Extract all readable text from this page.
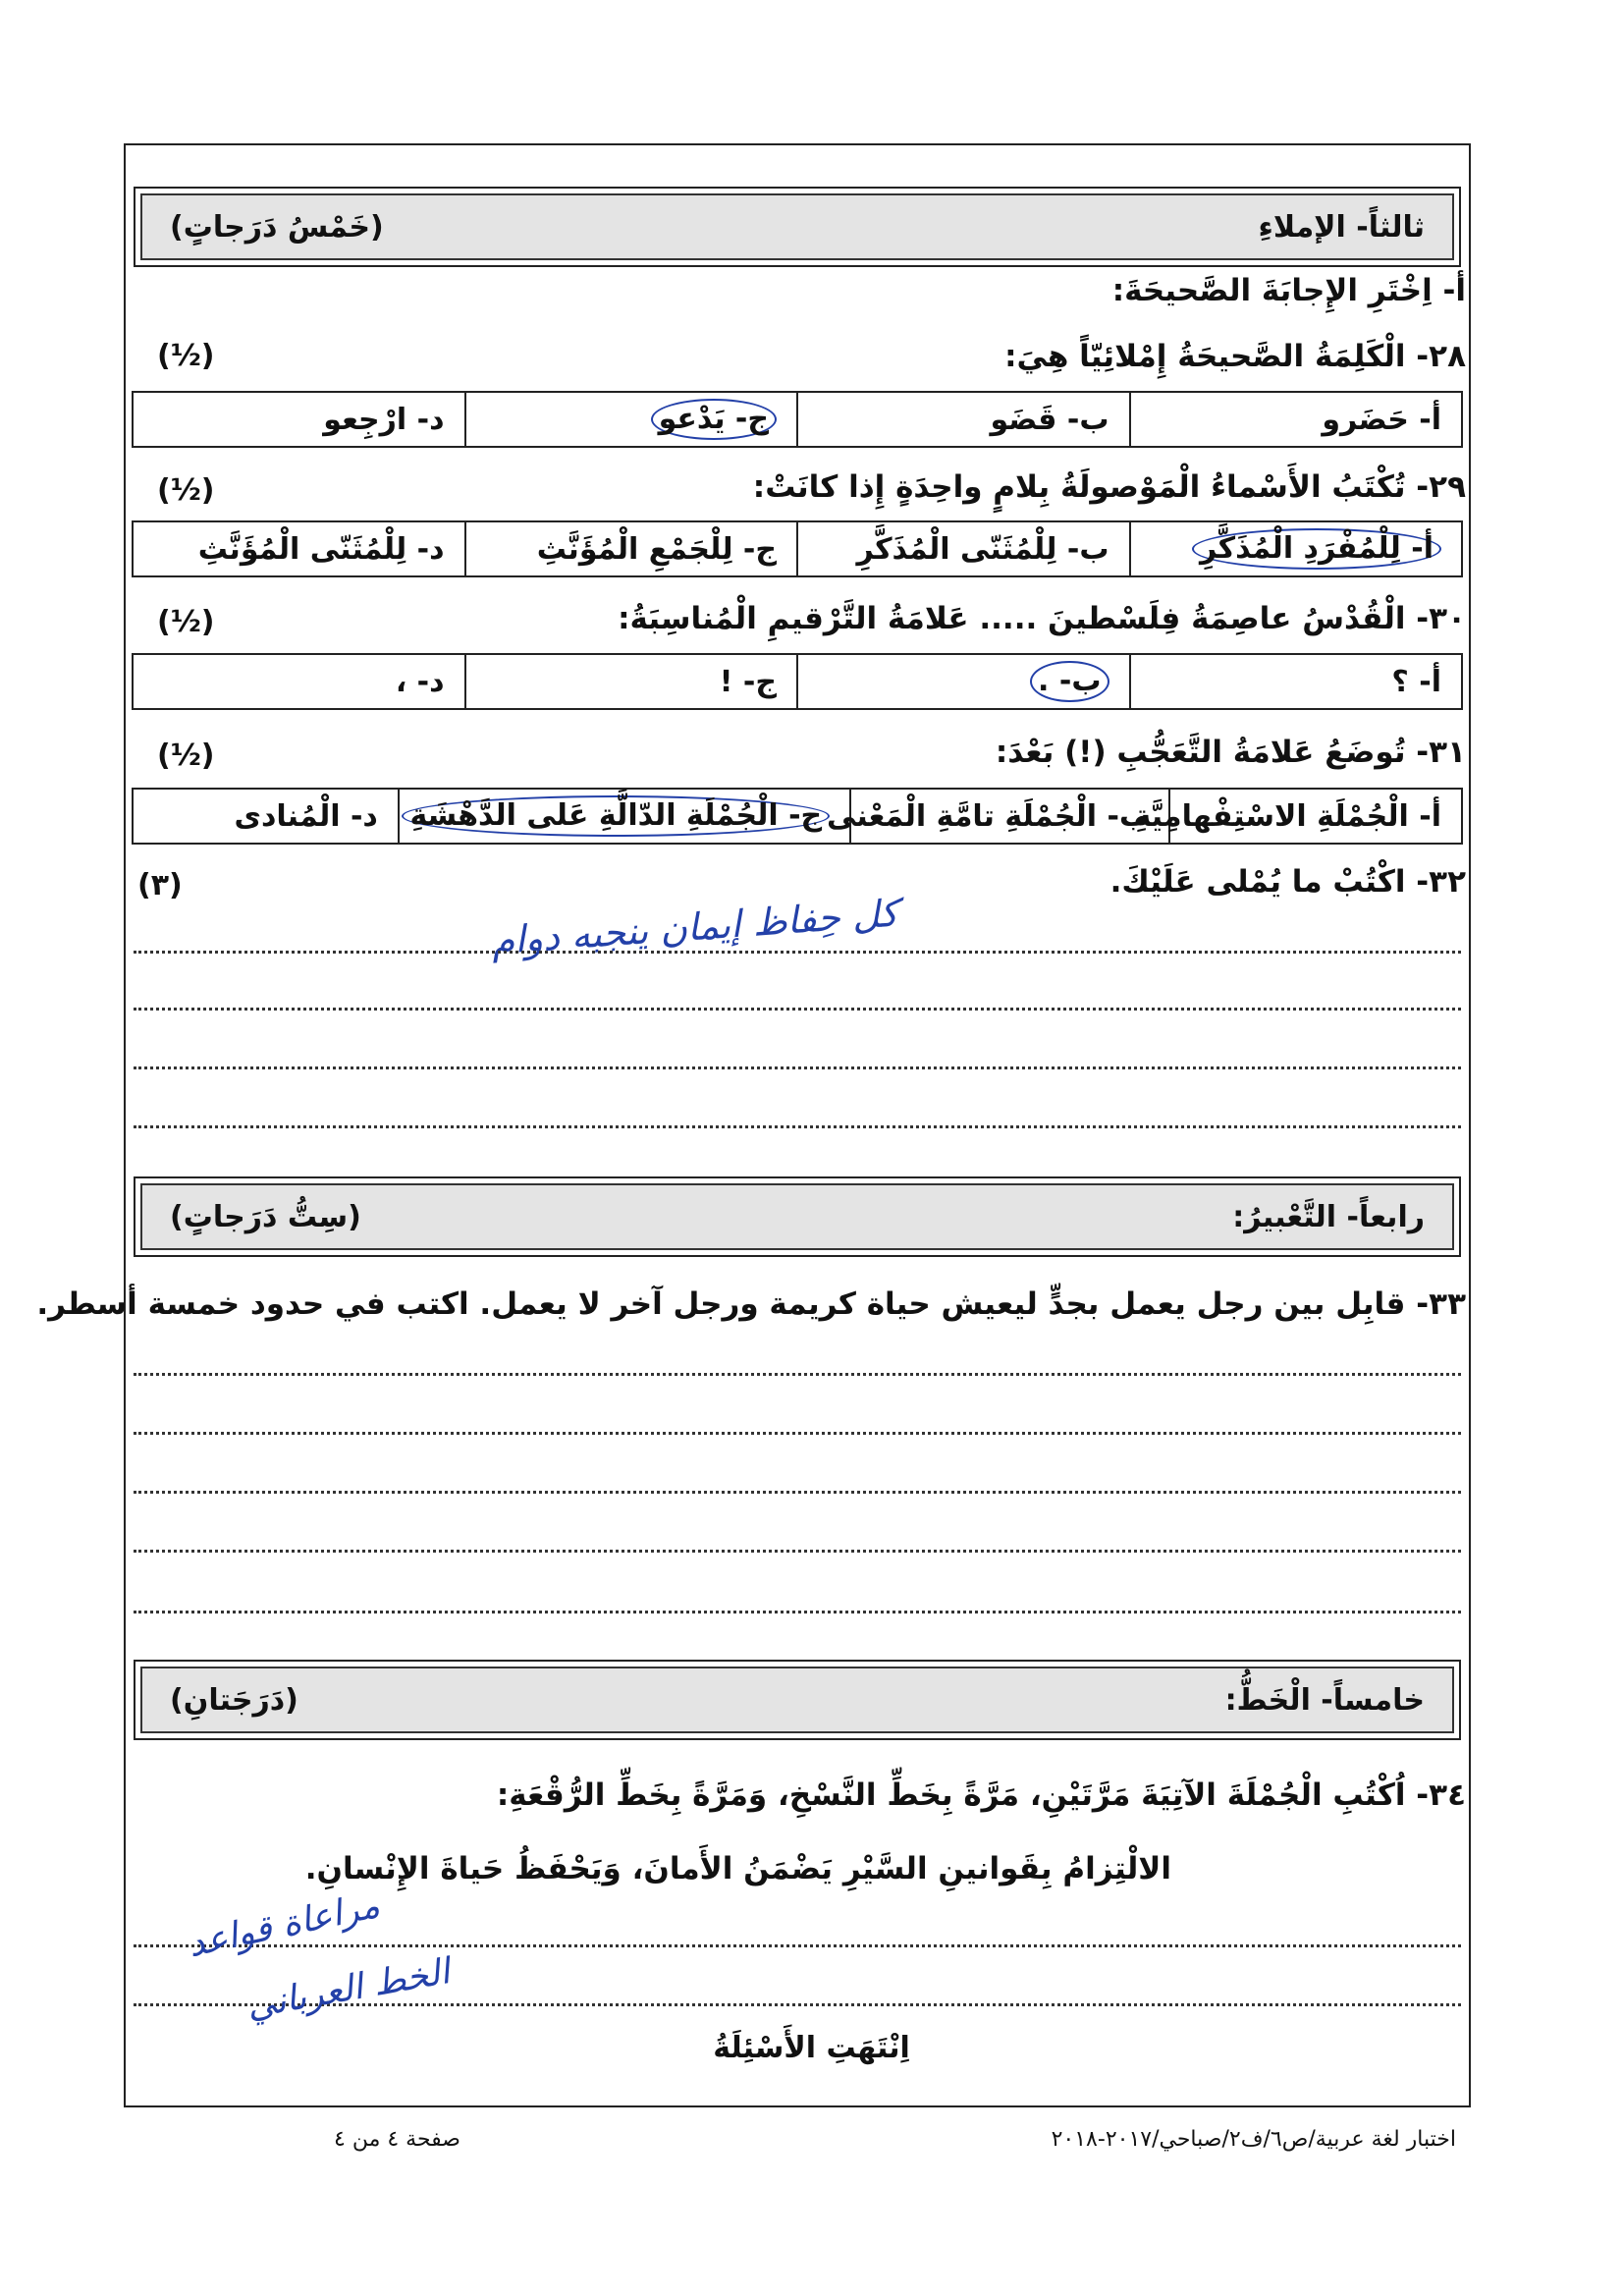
ثالثاً- الإملاءِ
(خَمْسُ دَرَجاتٍ)
أ- اِخْتَرِ الإِجابَةَ الصَّحيحَةَ:
٢٨- الْكَلِمَةُ الصَّحيحَةُ إِمْلائِيّاً هِيَ:
(½)
أ- حَضَرو	ب- قَضَو	ج- يَدْعو	د- ارْجِعو
٢٩- تُكْتَبُ الأَسْماءُ الْمَوْصولَةُ بِلامٍ واحِدَةٍ إِذا كانَتْ:
(½)
أ- لِلْمُفْرَدِ الْمُذَكَّرِ	ب- لِلْمُثَنّى الْمُذَكَّرِ	ج- لِلْجَمْعِ الْمُؤَنَّثِ	د- لِلْمُثَنّى الْمُؤَنَّثِ
٣٠- الْقُدْسُ عاصِمَةُ فِلَسْطينَ ..... عَلامَةُ التَّرْقيمِ الْمُناسِبَةُ:
(½)
أ- ؟	ب- .	ج- !	د- ،
٣١- تُوضَعُ عَلامَةُ التَّعَجُّبِ (!) بَعْدَ:
(½)
أ- الْجُمْلَةِ الاسْتِفْهامِيَّةِ	ب- الْجُمْلَةِ تامَّةِ الْمَعْنى	ج- الْجُمْلَةِ الدّالَّةِ عَلى الدَّهْشَةِ	د- الْمُنادى
٣٢- اكْتُبْ ما يُمْلى عَلَيْكَ.
(٣)
كل حِفاظ إيمان ينجبه دوام
رابعاً- التَّعْبيرُ:
(سِتُّ دَرَجاتٍ)
٣٣- قابِل بين رجل يعمل بجدٍّ ليعيش حياة كريمة ورجل آخر لا يعمل. اكتب في حدود خمسة أسطر.
خامساً- الْخَطُّ:
(دَرَجَتانِ)
٣٤- اُكْتُبِ الْجُمْلَةَ الآتِيَةَ مَرَّتَيْنِ، مَرَّةً بِخَطِّ النَّسْخِ، وَمَرَّةً بِخَطِّ الرُّقْعَةِ:
الالْتِزامُ بِقَوانينِ السَّيْرِ يَضْمَنُ الأَمانَ، وَيَحْفَظُ حَياةَ الإِنْسانِ.
مراعاة قواعد
الخط العرباني
اِنْتَهَتِ الأَسْئِلَةُ
صفحة ٤ من ٤	اختبار لغة عربية/ص٦/ف٢/صباحي/٢٠١٧-٢٠١٨
